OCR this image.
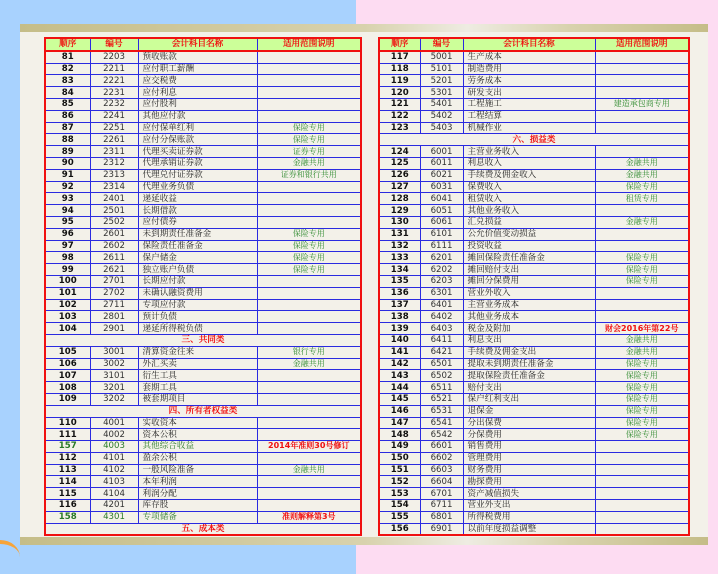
顺序	编号	会计科目名称	适用范围说明
81	2203	预收账款	
82	2211	应付职工薪酬	
83	2221	应交税费	
84	2231	应付利息	
85	2232	应付股利	
86	2241	其他应付款	
87	2251	应付保单红利	保险专用
88	2261	应付分保账款	保险专用
89	2311	代理买卖证券款	证券专用
90	2312	代理承销证券款	金融共用
91	2313	代理兑付证券款	证券和银行共用
92	2314	代理业务负债	
93	2401	递延收益	
94	2501	长期借款	
95	2502	应付债券	
96	2601	未到期责任准备金	保险专用
97	2602	保险责任准备金	保险专用
98	2611	保户储金	保险专用
99	2621	独立账户负债	保险专用
100	2701	长期应付款	
101	2702	未确认融资费用	
102	2711	专项应付款	
103	2801	预计负债	
104	2901	递延所得税负债	
三、共同类			
105	3001	清算资金往来	银行专用
106	3002	外汇买卖	金融共用
107	3101	衍生工具	
108	3201	套期工具	
109	3202	被套期项目	
四、所有者权益类			
110	4001	实收资本	
111	4002	资本公积	
157	4003	其他综合收益	2014年准则30号修订
112	4101	盈余公积	
113	4102	一般风险准备	金融共用
114	4103	本年利润	
115	4104	利润分配	
116	4201	库存股	
158	4301	专项储备	准则解释第3号
五、成本类			
顺序	编号	会计科目名称	适用范围说明
117	5001	生产成本	
118	5101	制造费用	
119	5201	劳务成本	
120	5301	研发支出	
121	5401	工程施工	建造承包商专用
122	5402	工程结算	
123	5403	机械作业	
六、损益类			
124	6001	主营业务收入	
125	6011	利息收入	金融共用
126	6021	手续费及佣金收入	金融共用
127	6031	保费收入	保险专用
128	6041	租赁收入	租赁专用
129	6051	其他业务收入	
130	6061	汇兑损益	金融专用
131	6101	公允价值变动损益	
132	6111	投资收益	
133	6201	摊回保险责任准备金	保险专用
134	6202	摊回赔付支出	保险专用
135	6203	摊回分保费用	保险专用
136	6301	营业外收入	
137	6401	主营业务成本	
138	6402	其他业务成本	
139	6403	税金及附加	财会2016年第22号
140	6411	利息支出	金融共用
141	6421	手续费及佣金支出	金融共用
142	6501	提取未到期责任准备金	保险专用
143	6502	提取保险责任准备金	保险专用
144	6511	赔付支出	保险专用
145	6521	保户红利支出	保险专用
146	6531	退保金	保险专用
147	6541	分出保费	保险专用
148	6542	分保费用	保险专用
149	6601	销售费用	
150	6602	管理费用	
151	6603	财务费用	
152	6604	勘探费用	
153	6701	资产减值损失	
154	6711	营业外支出	
155	6801	所得税费用	
156	6901	以前年度损益调整	
